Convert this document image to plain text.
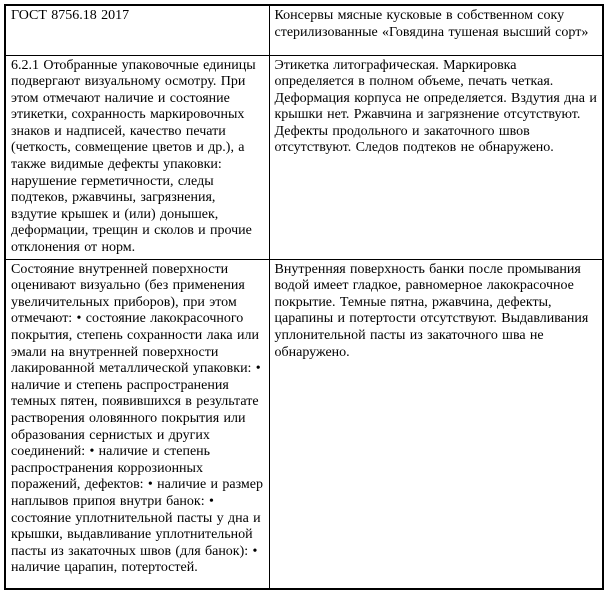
ГОСТ 8756.18 2017	Консервы мясные кусковые в собственном соку стерилизованные «Говядина тушеная высший сорт»
6.2.1 Отобранные упаковочные единицы подвергают визуальному осмотру. При этом отмечают наличие и состояние этикетки, сохранность маркировочных знаков и надписей, качество печати (четкость, совмещение цветов и др.), а также видимые дефекты упаковки: нарушение герметичности, следы подтеков, ржавчины, загрязнения, вздутие крышек и (или) донышек, деформации, трещин и сколов и прочие отклонения от норм.	Этикетка литографическая. Маркировка определяется в полном объеме, печать четкая. Деформация корпуса не определяется. Вздутия дна и крышки нет. Ржавчина и загрязнение отсутствуют. Дефекты продольного и закаточного швов отсутствуют. Следов подтеков не обнаружено.
Состояние внутренней поверхности оценивают визуально (без применения увеличительных приборов), при этом отмечают: • состояние лакокрасочного покрытия, степень сохранности лака или эмали на внутренней поверхности лакированной металлической упаковки: • наличие и степень распространения темных пятен, появившихся в результате растворения оловянного покрытия или образования сернистых и других соединений: • наличие и степень распространения коррозионных поражений, дефектов: • наличие и размер наплывов припоя внутри банок: • состояние уплотнительной пасты у дна и крышки, выдавливание уплотнительной пасты из закаточных швов (для банок): • наличие царапин, потертостей.	Внутренняя поверхность банки после промывания водой имеет гладкое, равномерное лакокрасочное покрытие. Темные пятна, ржавчина, дефекты, царапины и потертости отсутствуют. Выдавливания уплонительной пасты из закаточного шва не обнаружено.
